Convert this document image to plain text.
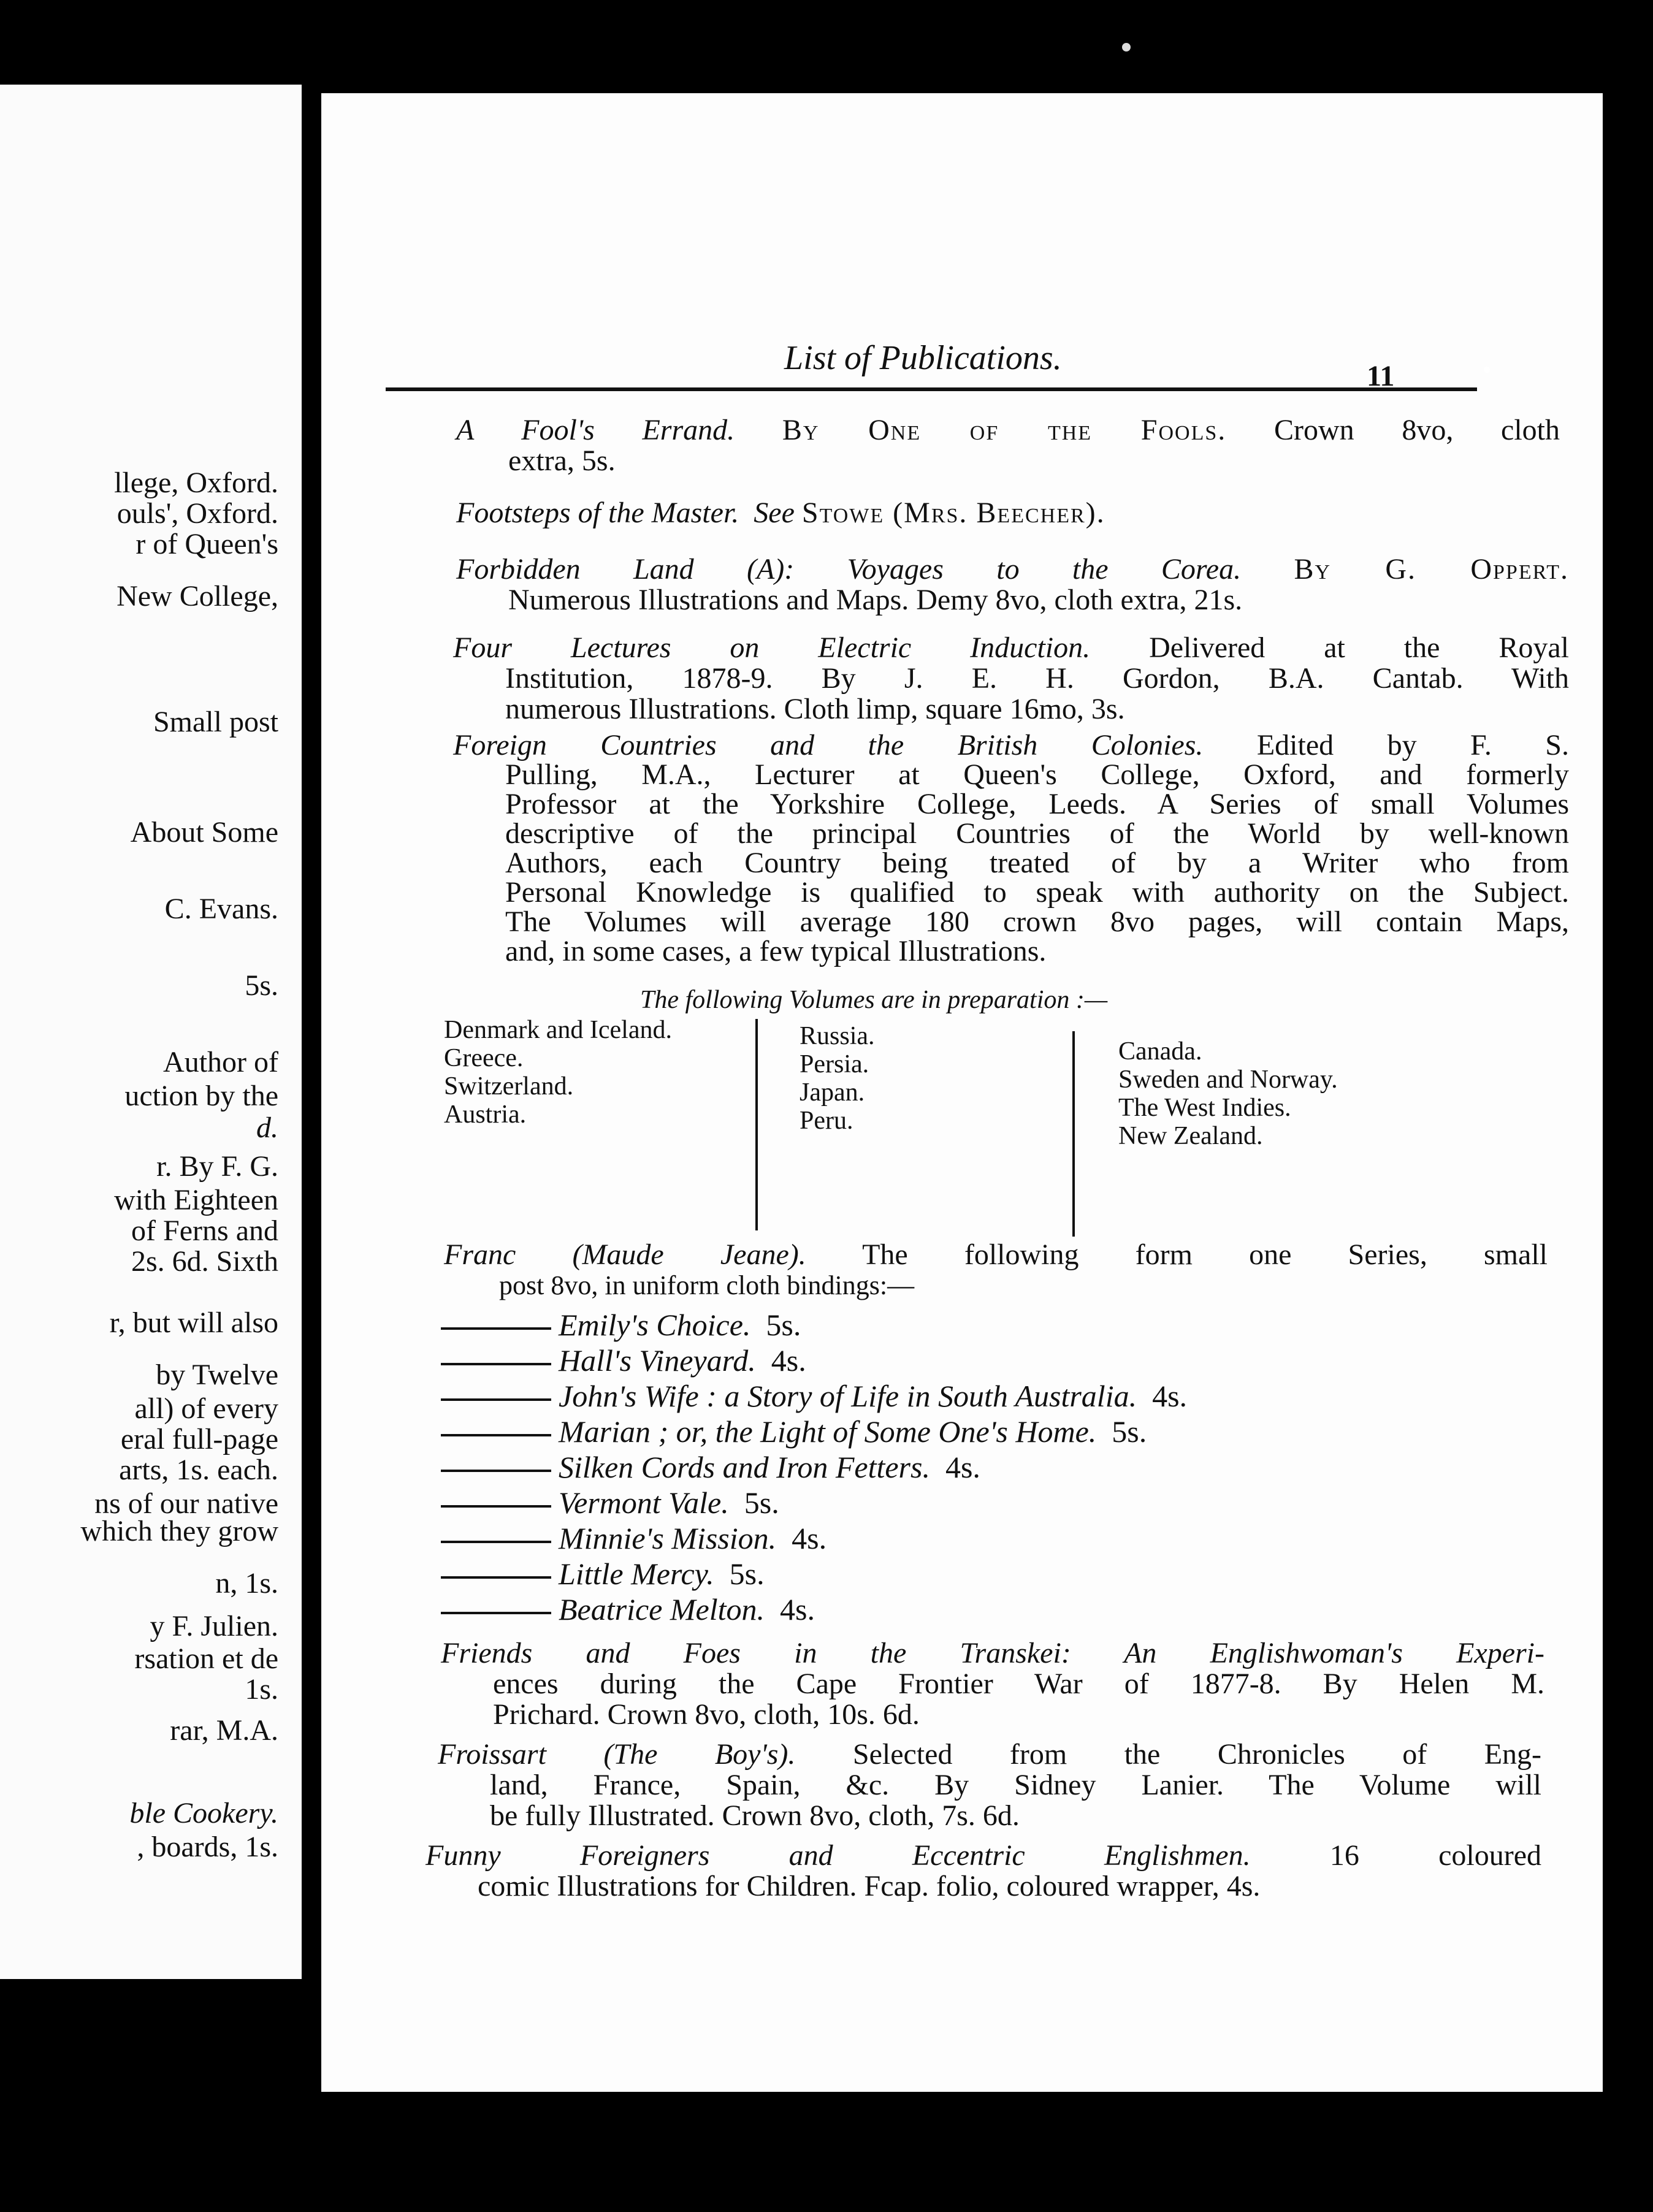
llege, Oxford.
ouls', Oxford.
r of Queen's
New College,
Small post
About Some
C. Evans.
5s.
Author of
uction by the
d.
r. By F. G.
with Eighteen
of Ferns and
2s. 6d. Sixth
r, but will also
by Twelve
all) of every
eral full-page
arts, 1s. each.
ns of our native
which they grow
n, 1s.
y F. Julien.
rsation et de
1s.
rar, M.A.
ble Cookery.
, boards, 1s.
List of Publications.	11
A Fool's Errand. By One of the Fools. Crown 8vo, cloth
extra, 5s.
Footsteps of the Master. See Stowe (Mrs. Beecher).
Forbidden Land (A): Voyages to the Corea. By G. Oppert.
Numerous Illustrations and Maps. Demy 8vo, cloth extra, 21s.
Four Lectures on Electric Induction. Delivered at the Royal
Institution, 1878-9. By J. E. H. Gordon, B.A. Cantab. With
numerous Illustrations. Cloth limp, square 16mo, 3s.
Foreign Countries and the British Colonies. Edited by F. S.
Pulling, M.A., Lecturer at Queen's College, Oxford, and formerly
Professor at the Yorkshire College, Leeds. A Series of small Volumes
descriptive of the principal Countries of the World by well-known
Authors, each Country being treated of by a Writer who from
Personal Knowledge is qualified to speak with authority on the Subject.
The Volumes will average 180 crown 8vo pages, will contain Maps,
and, in some cases, a few typical Illustrations.
The following Volumes are in preparation :—
Denmark and Iceland.
Greece.
Switzerland.
Austria.
Russia.
Persia.
Japan.
Peru.
Canada.
Sweden and Norway.
The West Indies.
New Zealand.
Franc (Maude Jeane). The following form one Series, small
post 8vo, in uniform cloth bindings:—
Emily's Choice. 5s.
Hall's Vineyard. 4s.
John's Wife : a Story of Life in South Australia. 4s.
Marian ; or, the Light of Some One's Home. 5s.
Silken Cords and Iron Fetters. 4s.
Vermont Vale. 5s.
Minnie's Mission. 4s.
Little Mercy. 5s.
Beatrice Melton. 4s.
Friends and Foes in the Transkei: An Englishwoman's Experi-
ences during the Cape Frontier War of 1877-8. By Helen M.
Prichard. Crown 8vo, cloth, 10s. 6d.
Froissart (The Boy's). Selected from the Chronicles of Eng-
land, France, Spain, &c. By Sidney Lanier. The Volume will
be fully Illustrated. Crown 8vo, cloth, 7s. 6d.
Funny Foreigners and Eccentric Englishmen.	16 coloured
comic Illustrations for Children. Fcap. folio, coloured wrapper, 4s.
